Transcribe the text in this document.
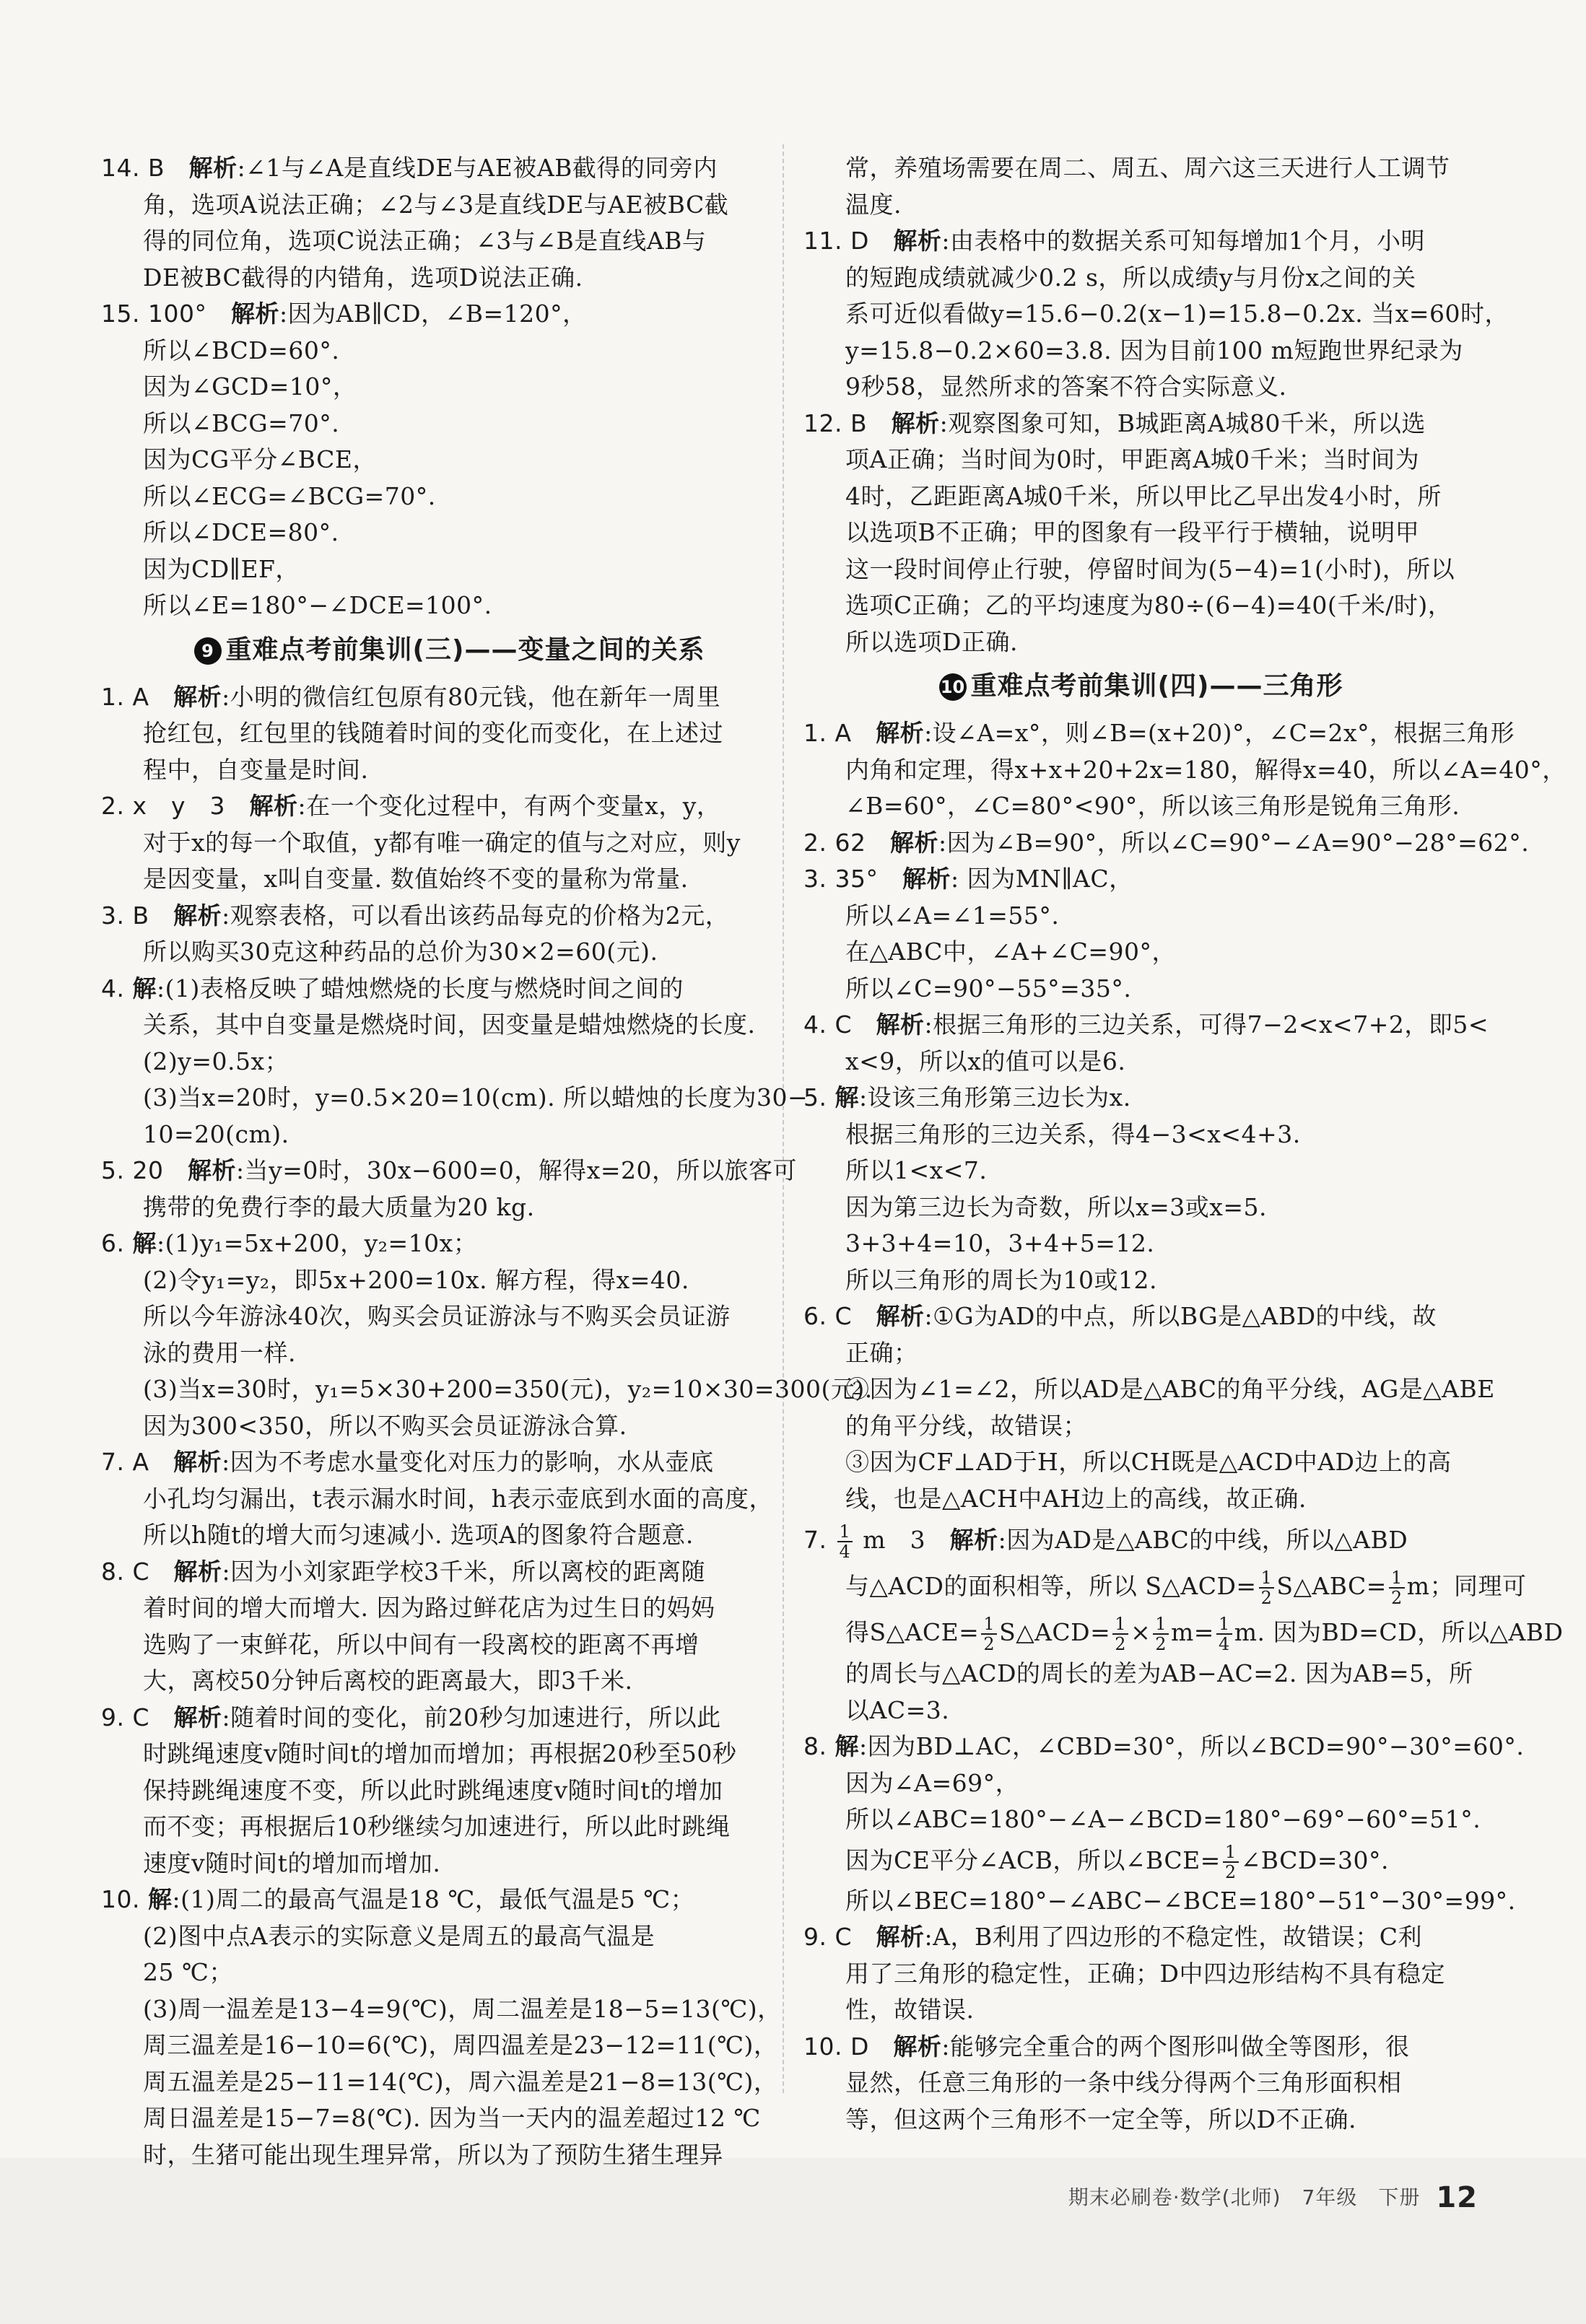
14. B　 解析:∠1与∠A是直线DE与AE被AB截得的同旁内
角，选项A说法正确；∠2与∠3是直线DE与AE被BC截
得的同位角，选项C说法正确；∠3与∠B是直线AB与
DE被BC截得的内错角，选项D说法正确.
15. 100°　 解析:因为AB∥CD，∠B=120°，
所以∠BCD=60°.
因为∠GCD=10°，
所以∠BCG=70°.
因为CG平分∠BCE，
所以∠ECG=∠BCG=70°.
所以∠DCE=80°.
因为CD∥EF，
所以∠E=180°−∠DCE=100°.
9 重难点考前集训(三)——变量之间的关系
1. A　 解析:小明的微信红包原有80元钱，他在新年一周里
抢红包，红包里的钱随着时间的变化而变化，在上述过
程中，自变量是时间.
2. x　y　3　 解析:在一个变化过程中，有两个变量x，y，
对于x的每一个取值，y都有唯一确定的值与之对应，则y
是因变量，x叫自变量. 数值始终不变的量称为常量.
3. B　 解析:观察表格，可以看出该药品每克的价格为2元，
所以购买30克这种药品的总价为30×2=60(元).
4. 解:(1)表格反映了蜡烛燃烧的长度与燃烧时间之间的
关系，其中自变量是燃烧时间，因变量是蜡烛燃烧的长度.
(2)y=0.5x；
(3)当x=20时，y=0.5×20=10(cm). 所以蜡烛的长度为30−
10=20(cm).
5. 20　 解析:当y=0时，30x−600=0，解得x=20，所以旅客可
携带的免费行李的最大质量为20 kg.
6. 解:(1)y₁=5x+200，y₂=10x；
(2)令y₁=y₂，即5x+200=10x. 解方程，得x=40.
所以今年游泳40次，购买会员证游泳与不购买会员证游
泳的费用一样.
(3)当x=30时，y₁=5×30+200=350(元)，y₂=10×30=300(元).
因为300<350，所以不购买会员证游泳合算.
7. A　 解析:因为不考虑水量变化对压力的影响，水从壶底
小孔均匀漏出，t表示漏水时间，h表示壶底到水面的高度，
所以h随t的增大而匀速减小. 选项A的图象符合题意.
8. C　 解析:因为小刘家距学校3千米，所以离校的距离随
着时间的增大而增大. 因为路过鲜花店为过生日的妈妈
选购了一束鲜花，所以中间有一段离校的距离不再增
大，离校50分钟后离校的距离最大，即3千米.
9. C　 解析:随着时间的变化，前20秒匀加速进行，所以此
时跳绳速度v随时间t的增加而增加；再根据20秒至50秒
保持跳绳速度不变，所以此时跳绳速度v随时间t的增加
而不变；再根据后10秒继续匀加速进行，所以此时跳绳
速度v随时间t的增加而增加.
10. 解:(1)周二的最高气温是18 ℃，最低气温是5 ℃；
(2)图中点A表示的实际意义是周五的最高气温是
25 ℃；
(3)周一温差是13−4=9(℃)，周二温差是18−5=13(℃)，
周三温差是16−10=6(℃)，周四温差是23−12=11(℃)，
周五温差是25−11=14(℃)，周六温差是21−8=13(℃)，
周日温差是15−7=8(℃). 因为当一天内的温差超过12 ℃
时，生猪可能出现生理异常，所以为了预防生猪生理异
常，养殖场需要在周二、周五、周六这三天进行人工调节
温度.
11. D　 解析:由表格中的数据关系可知每增加1个月，小明
的短跑成绩就减少0.2 s，所以成绩y与月份x之间的关
系可近似看做y=15.6−0.2(x−1)=15.8−0.2x. 当x=60时，
y=15.8−0.2×60=3.8. 因为目前100 m短跑世界纪录为
9秒58，显然所求的答案不符合实际意义.
12. B　 解析:观察图象可知，B城距离A城80千米，所以选
项A正确；当时间为0时，甲距离A城0千米；当时间为
4时，乙距距离A城0千米，所以甲比乙早出发4小时，所
以选项B不正确；甲的图象有一段平行于横轴，说明甲
这一段时间停止行驶，停留时间为(5−4)=1(小时)，所以
选项C正确；乙的平均速度为80÷(6−4)=40(千米/时)，
所以选项D正确.
10 重难点考前集训(四)——三角形
1. A　 解析:设∠A=x°，则∠B=(x+20)°，∠C=2x°，根据三角形
内角和定理，得x+x+20+2x=180，解得x=40，所以∠A=40°，
∠B=60°，∠C=80°<90°，所以该三角形是锐角三角形.
2. 62　 解析:因为∠B=90°，所以∠C=90°−∠A=90°−28°=62°.
3. 35°　 解析: 因为MN∥AC，
所以∠A=∠1=55°.
在△ABC中，∠A+∠C=90°，
所以∠C=90°−55°=35°.
4. C　 解析:根据三角形的三边关系，可得7−2<x<7+2，即5<
x<9，所以x的值可以是6.
5. 解:设该三角形第三边长为x.
根据三角形的三边关系，得4−3<x<4+3.
所以1<x<7.
因为第三边长为奇数，所以x=3或x=5.
3+3+4=10，3+4+5=12.
所以三角形的周长为10或12.
6. C　 解析:①G为AD的中点，所以BG是△ABD的中线，故
正确；
②因为∠1=∠2，所以AD是△ABC的角平分线，AG是△ABE
的角平分线，故错误；
③因为CF⊥AD于H，所以CH既是△ACD中AD边上的高
线，也是△ACH中AH边上的高线，故正确.
7. $\frac{1}{4}$ m　3　 解析:因为AD是△ABC的中线，所以△ABD
与△ACD的面积相等，所以 S△ACD= $\frac{1}{2}$ S△ABC= $\frac{1}{2}$ m；同理可
得S△ACE= $\frac{1}{2}$ S△ACD= $\frac{1}{2} \times \frac{1}{2} m= \frac{1}{4} m$. 因为BD=CD，所以△ABD
的周长与△ACD的周长的差为AB−AC=2. 因为AB=5，所
以AC=3.
8. 解:因为BD⊥AC，∠CBD=30°，所以∠BCD=90°−30°=60°.
因为∠A=69°，
所以∠ABC=180°−∠A−∠BCD=180°−69°−60°=51°.
因为CE平分∠ACB，所以∠BCE= $\frac{1}{2}$ ∠BCD=30°.
所以∠BEC=180°−∠ABC−∠BCE=180°−51°−30°=99°.
9. C　 解析:A，B利用了四边形的不稳定性，故错误；C利
用了三角形的稳定性，正确；D中四边形结构不具有稳定
性，故错误.
10. D　 解析:能够完全重合的两个图形叫做全等图形，很
显然，任意三角形的一条中线分得两个三角形面积相
等，但这两个三角形不一定全等，所以D不正确.
期末必刷卷·数学(北师)　7年级　下册 12
